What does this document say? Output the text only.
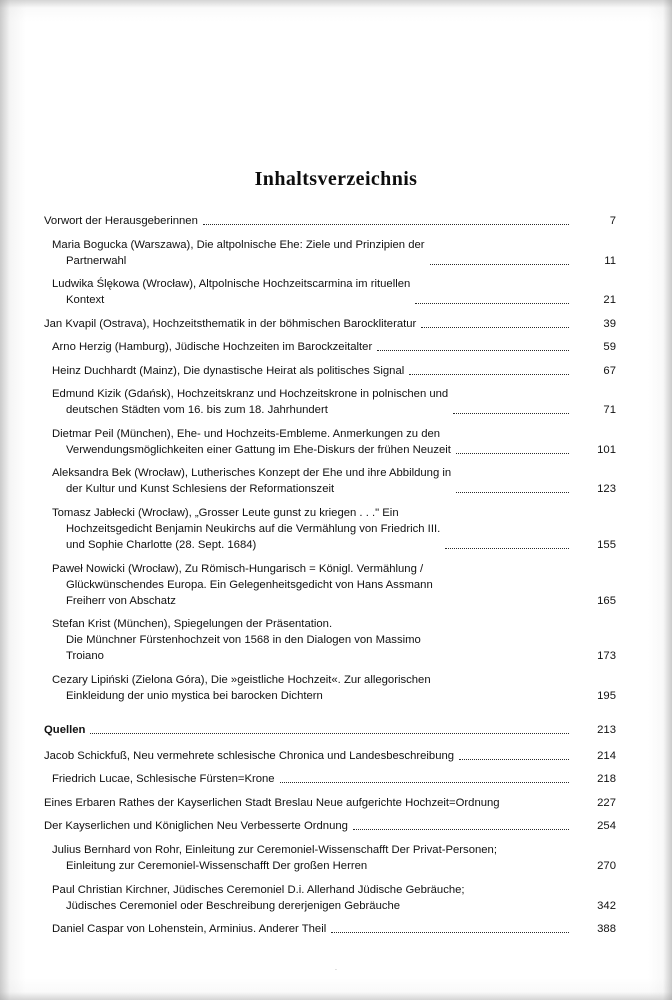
Inhaltsverzeichnis
Vorwort der Herausgeberinnen	7
Maria Bogucka (Warszawa), Die altpolnische Ehe: Ziele und Prinzipien der
Partnerwahl	11
Ludwika Ślękowa (Wrocław), Altpolnische Hochzeitscarmina im rituellen
Kontext	21
Jan Kvapil (Ostrava), Hochzeitsthematik in der böhmischen Barockliteratur	39
Arno Herzig (Hamburg), Jüdische Hochzeiten im Barockzeitalter	59
Heinz Duchhardt (Mainz), Die dynastische Heirat als politisches Signal	67
Edmund Kizik (Gdańsk), Hochzeitskranz und Hochzeitskrone in polnischen und
deutschen Städten vom 16. bis zum 18. Jahrhundert	71
Dietmar Peil (München), Ehe- und Hochzeits-Embleme. Anmerkungen zu den
Verwendungsmöglichkeiten einer Gattung im Ehe-Diskurs der frühen Neuzeit	101
Aleksandra Bek (Wrocław), Lutherisches Konzept der Ehe und ihre Abbildung in
der Kultur und Kunst Schlesiens der Reformationszeit	123
Tomasz Jabłecki (Wrocław), „Grosser Leute gunst zu kriegen . . ." Ein
Hochzeitsgedicht Benjamin Neukirchs auf die Vermählung von Friedrich III.
und Sophie Charlotte (28. Sept. 1684)	155
Paweł Nowicki (Wrocław), Zu Römisch-Hungarisch = Königl. Vermählung /
Glückwünschendes Europa. Ein Gelegenheitsgedicht von Hans Assmann
Freiherr von Abschatz	165
Stefan Krist (München), Spiegelungen der Präsentation.
Die Münchner Fürstenhochzeit von 1568 in den Dialogen von Massimo
Troiano	173
Cezary Lipiński (Zielona Góra), Die »geistliche Hochzeit«. Zur allegorischen
Einkleidung der unio mystica bei barocken Dichtern	195
Quellen	213
Jacob Schickfuß, Neu vermehrete schlesische Chronica und Landesbeschreibung	214
Friedrich Lucae, Schlesische Fürsten=Krone	218
Eines Erbaren Rathes der Kayserlichen Stadt Breslau Neue aufgerichte Hochzeit=Ordnung	227
Der Kayserlichen und Königlichen Neu Verbesserte Ordnung	254
Julius Bernhard von Rohr, Einleitung zur Ceremoniel-Wissenschafft Der Privat-Personen;
Einleitung zur Ceremoniel-Wissenschafft Der großen Herren	270
Paul Christian Kirchner, Jüdisches Ceremoniel D.i. Allerhand Jüdische Gebräuche;
Jüdisches Ceremoniel oder Beschreibung dererjenigen Gebräuche	342
Daniel Caspar von Lohenstein, Arminius. Anderer Theil	388
.
